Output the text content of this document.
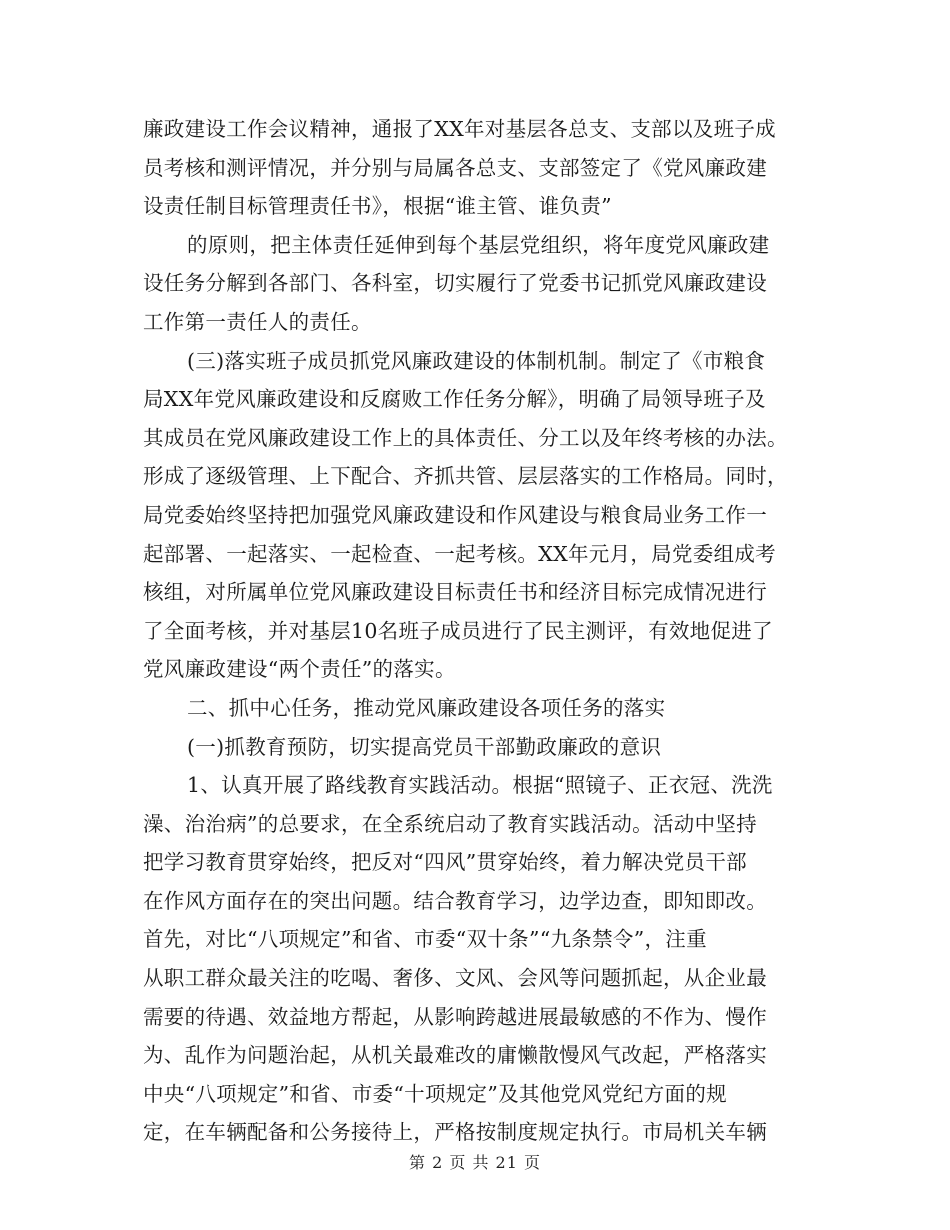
廉政建设工作会议精神，通报了XX年对基层各总支、支部以及班子成
员考核和测评情况，并分别与局属各总支、支部签定了《党风廉政建
设责任制目标管理责任书》，根据“谁主管、谁负责”
的原则，把主体责任延伸到每个基层党组织，将年度党风廉政建
设任务分解到各部门、各科室，切实履行了党委书记抓党风廉政建设
工作第一责任人的责任。
(三)落实班子成员抓党风廉政建设的体制机制。制定了《市粮食
局XX年党风廉政建设和反腐败工作任务分解》，明确了局领导班子及
其成员在党风廉政建设工作上的具体责任、分工以及年终考核的办法。
形成了逐级管理、上下配合、齐抓共管、层层落实的工作格局。同时，
局党委始终坚持把加强党风廉政建设和作风建设与粮食局业务工作一
起部署、一起落实、一起检查、一起考核。XX年元月，局党委组成考
核组，对所属单位党风廉政建设目标责任书和经济目标完成情况进行
了全面考核，并对基层10名班子成员进行了民主测评，有效地促进了
党风廉政建设“两个责任”的落实。
二、抓中心任务，推动党风廉政建设各项任务的落实
(一)抓教育预防，切实提高党员干部勤政廉政的意识
1、认真开展了路线教育实践活动。根据“照镜子、正衣冠、洗洗
澡、治治病”的总要求，在全系统启动了教育实践活动。活动中坚持
把学习教育贯穿始终，把反对“四风”贯穿始终，着力解决党员干部
在作风方面存在的突出问题。结合教育学习，边学边查，即知即改。
首先，对比“八项规定”和省、市委“双十条”“九条禁令”，注重
从职工群众最关注的吃喝、奢侈、文风、会风等问题抓起，从企业最
需要的待遇、效益地方帮起，从影响跨越进展最敏感的不作为、慢作
为、乱作为问题治起，从机关最难改的庸懒散慢风气改起，严格落实
中央“八项规定”和省、市委“十项规定”及其他党风党纪方面的规
定，在车辆配备和公务接待上，严格按制度规定执行。市局机关车辆
第 2 页 共 21 页
